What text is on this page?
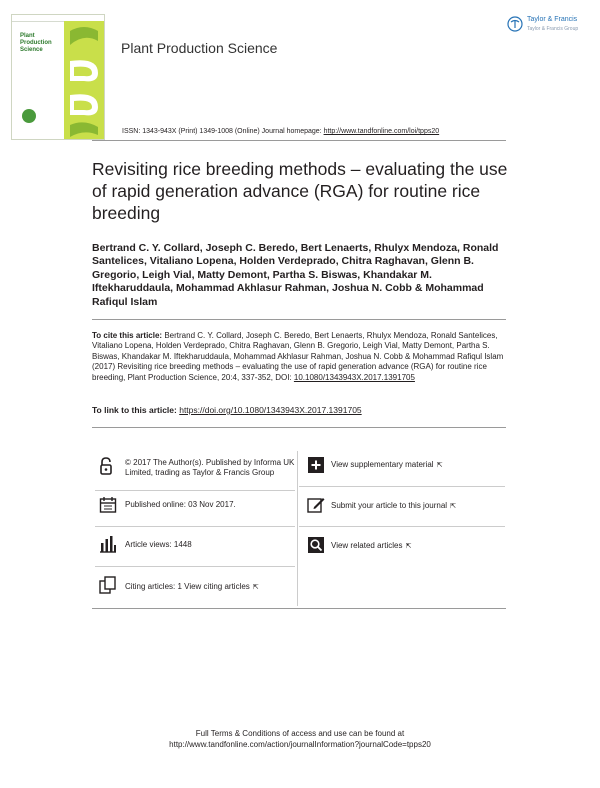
Plant Production Science	Plant Production Science
Taylor & Francis
Taylor & Francis Group
ISSN: 1343-943X (Print) 1349-1008 (Online) Journal homepage: http://www.tandfonline.com/loi/tpps20
Revisiting rice breeding methods – evaluating the use of rapid generation advance (RGA) for routine rice breeding
Bertrand C. Y. Collard, Joseph C. Beredo, Bert Lenaerts, Rhulyx Mendoza, Ronald Santelices, Vitaliano Lopena, Holden Verdeprado, Chitra Raghavan, Glenn B. Gregorio, Leigh Vial, Matty Demont, Partha S. Biswas, Khandakar M. Iftekharuddaula, Mohammad Akhlasur Rahman, Joshua N. Cobb & Mohammad Rafiqul Islam
To cite this article: Bertrand C. Y. Collard, Joseph C. Beredo, Bert Lenaerts, Rhulyx Mendoza, Ronald Santelices, Vitaliano Lopena, Holden Verdeprado, Chitra Raghavan, Glenn B. Gregorio, Leigh Vial, Matty Demont, Partha S. Biswas, Khandakar M. Iftekharuddaula, Mohammad Akhlasur Rahman, Joshua N. Cobb & Mohammad Rafiqul Islam (2017) Revisiting rice breeding methods – evaluating the use of rapid generation advance (RGA) for routine rice breeding, Plant Production Science, 20:4, 337-352, DOI: 10.1080/1343943X.2017.1391705
To link to this article: https://doi.org/10.1080/1343943X.2017.1391705
© 2017 The Author(s). Published by Informa UK Limited, trading as Taylor & Francis Group
Published online: 03 Nov 2017.
Article views: 1448
Citing articles: 1 View citing articles ⇱
View supplementary material ⇱
Submit your article to this journal ⇱
View related articles ⇱
Full Terms & Conditions of access and use can be found at
http://www.tandfonline.com/action/journalInformation?journalCode=tpps20
